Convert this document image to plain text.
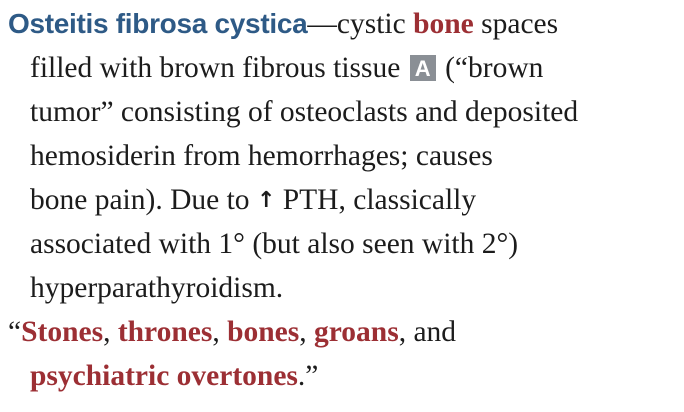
Osteitis fibrosa cystica—cystic bone spaces
filled with brown fibrous tissue A (“brown
tumor” consisting of osteoclasts and deposited
hemosiderin from hemorrhages; causes
bone pain). Due to ↑ PTH, classically
associated with 1° (but also seen with 2°)
hyperparathyroidism.
“Stones, thrones, bones, groans, and
psychiatric overtones.”
